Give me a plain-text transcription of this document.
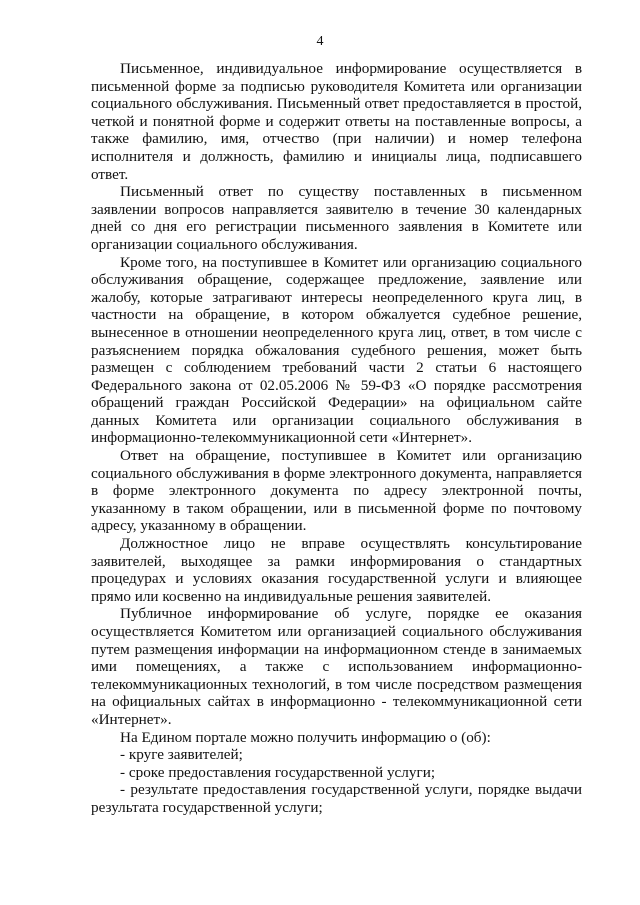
4

Письменное, индивидуальное информирование осуществляется в письменной форме за подписью руководителя Комитета или организации социального обслуживания. Письменный ответ предоставляется в простой, четкой и понятной форме и содержит ответы на поставленные вопросы, а также фамилию, имя, отчество (при наличии) и номер телефона исполнителя и должность, фамилию и инициалы лица, подписавшего ответ.

Письменный ответ по существу поставленных в письменном заявлении вопросов направляется заявителю в течение 30 календарных дней со дня его регистрации письменного заявления в Комитете или организации социального обслуживания.

Кроме того, на поступившее в Комитет или организацию социального обслуживания обращение, содержащее предложение, заявление или жалобу, которые затрагивают интересы неопределенного круга лиц, в частности на обращение, в котором обжалуется судебное решение, вынесенное в отношении неопределенного круга лиц, ответ, в том числе с разъяснением порядка обжалования судебного решения, может быть размещен с соблюдением требований части 2 статьи 6 настоящего Федерального закона от 02.05.2006 № 59-ФЗ «О порядке рассмотрения обращений граждан Российской Федерации» на официальном сайте данных Комитета или организации социального обслуживания в информационно-телекоммуникационной сети «Интернет».

Ответ на обращение, поступившее в Комитет или организацию социального обслуживания в форме электронного документа, направляется в форме электронного документа по адресу электронной почты, указанному в таком обращении, или в письменной форме по почтовому адресу, указанному в обращении.

Должностное лицо не вправе осуществлять консультирование заявителей, выходящее за рамки информирования о стандартных процедурах и условиях оказания государственной услуги и влияющее прямо или косвенно на индивидуальные решения заявителей.

Публичное информирование об услуге, порядке ее оказания осуществляется Комитетом или организацией социального обслуживания путем размещения информации на информационном стенде в занимаемых ими помещениях, а также с использованием информационно-телекоммуникационных технологий, в том числе посредством размещения на официальных сайтах в информационно - телекоммуникационной сети «Интернет».

На Едином портале можно получить информацию о (об):

- круге заявителей;

- сроке предоставления государственной услуги;

- результате предоставления государственной услуги, порядке выдачи результата государственной услуги;
